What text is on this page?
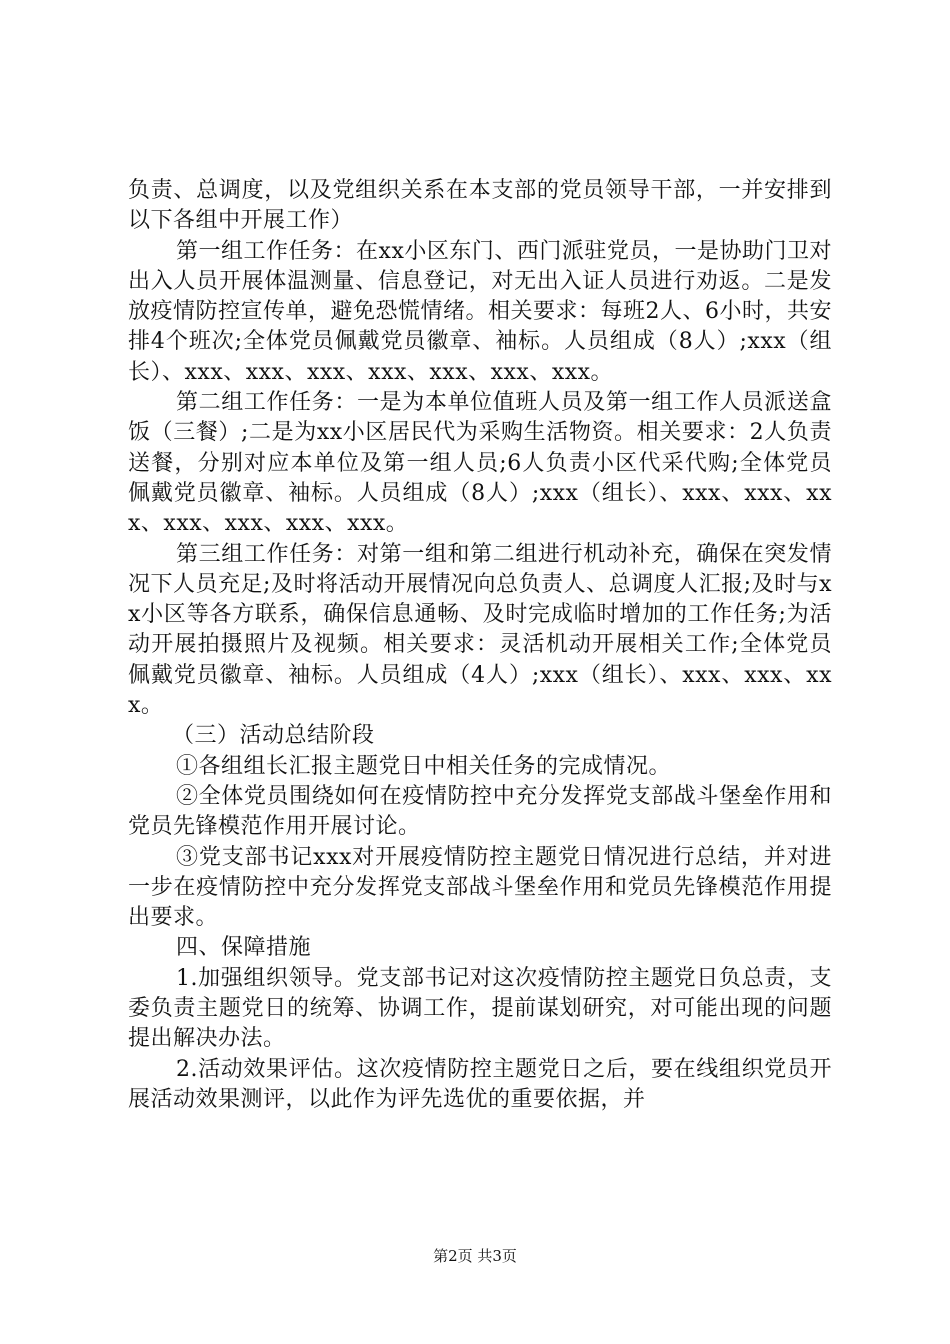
负责、总调度，以及党组织关系在本支部的党员领导干部，一并安排到以下各组中开展工作）

第一组工作任务：在xx小区东门、西门派驻党员，一是协助门卫对出入人员开展体温测量、信息登记，对无出入证人员进行劝返。二是发放疫情防控宣传单，避免恐慌情绪。相关要求：每班2人、6小时，共安排4个班次;全体党员佩戴党员徽章、袖标。人员组成（8人）;xxx（组长）、xxx、xxx、xxx、xxx、xxx、xxx、xxx。

第二组工作任务：一是为本单位值班人员及第一组工作人员派送盒饭（三餐）;二是为xx小区居民代为采购生活物资。相关要求：2人负责送餐，分别对应本单位及第一组人员;6人负责小区代采代购;全体党员佩戴党员徽章、袖标。人员组成（8人）;xxx（组长）、xxx、xxx、xxx、xxx、xxx、xxx、xxx。

第三组工作任务：对第一组和第二组进行机动补充，确保在突发情况下人员充足;及时将活动开展情况向总负责人、总调度人汇报;及时与xx小区等各方联系，确保信息通畅、及时完成临时增加的工作任务;为活动开展拍摄照片及视频。相关要求：灵活机动开展相关工作;全体党员佩戴党员徽章、袖标。人员组成（4人）;xxx（组长）、xxx、xxx、xxx。

（三）活动总结阶段

①各组组长汇报主题党日中相关任务的完成情况。

②全体党员围绕如何在疫情防控中充分发挥党支部战斗堡垒作用和党员先锋模范作用开展讨论。

③党支部书记xxx对开展疫情防控主题党日情况进行总结，并对进一步在疫情防控中充分发挥党支部战斗堡垒作用和党员先锋模范作用提出要求。

四、保障措施

1.加强组织领导。党支部书记对这次疫情防控主题党日负总责，支委负责主题党日的统筹、协调工作，提前谋划研究，对可能出现的问题提出解决办法。

2.活动效果评估。这次疫情防控主题党日之后，要在线组织党员开展活动效果测评，以此作为评先选优的重要依据，并

第2页 共3页
